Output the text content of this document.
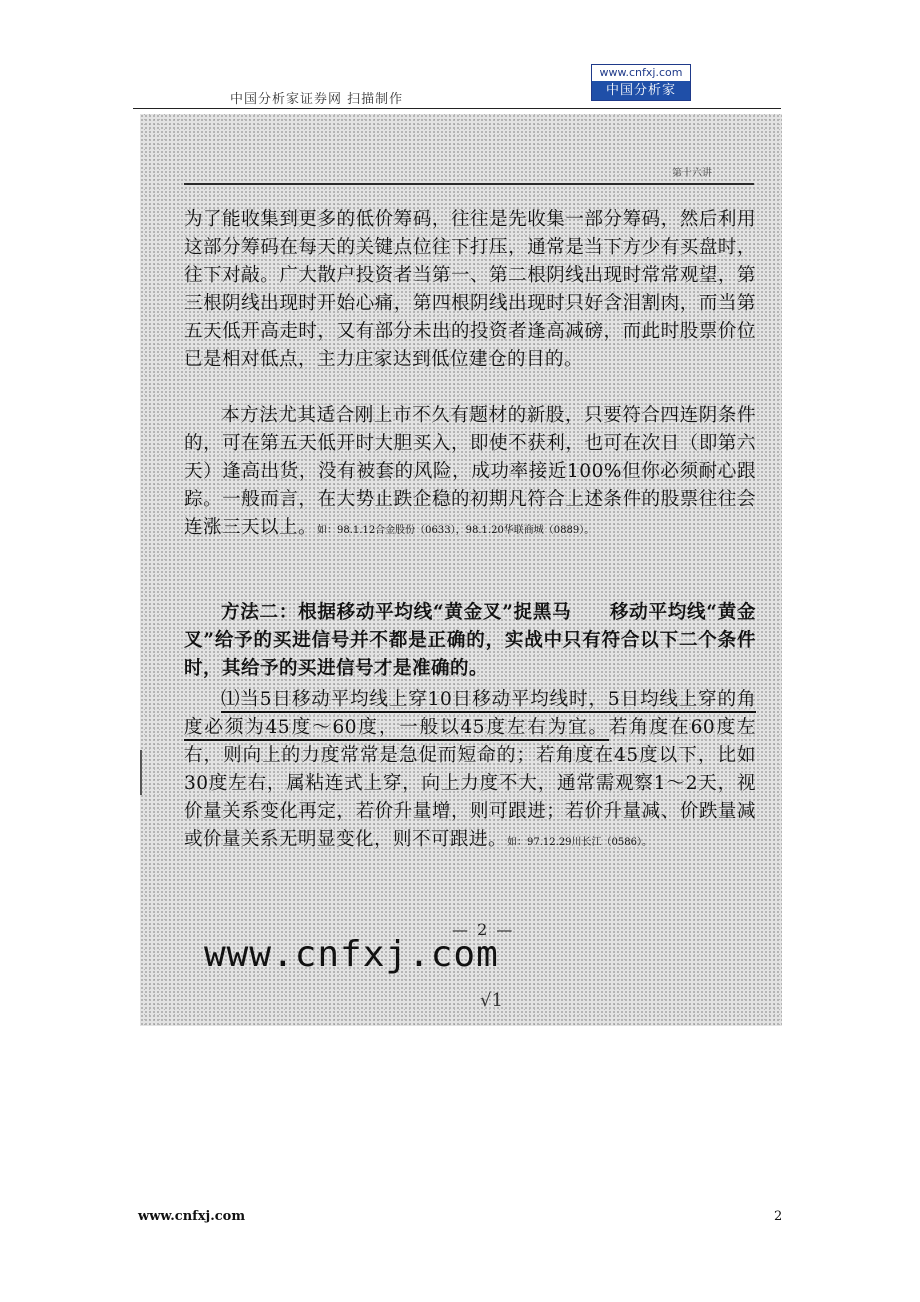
中国分析家证券网 扫描制作
www.cnfxj.com
中国分析家
第十六讲
为了能收集到更多的低价筹码，往往是先收集一部分筹码，然后利用这部分筹码在每天的关键点位往下打压，通常是当下方少有买盘时，往下对敲。广大散户投资者当第一、第二根阴线出现时常常观望，第三根阴线出现时开始心痛，第四根阴线出现时只好含泪割肉，而当第五天低开高走时，又有部分未出的投资者逢高减磅，而此时股票价位已是相对低点，主力庄家达到低位建仓的目的。
本方法尤其适合刚上市不久有题材的新股，只要符合四连阴条件的，可在第五天低开时大胆买入，即使不获利，也可在次日（即第六天）逢高出货，没有被套的风险，成功率接近100%但你必须耐心跟踪。一般而言，在大势止跌企稳的初期凡符合上述条件的股票往往会连涨三天以上。如：98.1.12合金股份（0633），98.1.20华联商城（0889）。
方法二：根据移动平均线“黄金叉”捉黑马　　移动平均线“黄金叉”给予的买进信号并不都是正确的，实战中只有符合以下二个条件时，其给予的买进信号才是准确的。
⑴当5日移动平均线上穿10日移动平均线时，5日均线上穿的角度必须为45度～60度，一般以45度左右为宜。若角度在60度左右，则向上的力度常常是急促而短命的；若角度在45度以下，比如30度左右，属粘连式上穿，向上力度不大，通常需观察1～2天，视价量关系变化再定，若价升量增，则可跟进；若价升量减、价跌量减或价量关系无明显变化，则不可跟进。如：97.12.29川长江（0586）。
— 2 —
www.cnfxj.com
√1
www.cnfxj.com	2
